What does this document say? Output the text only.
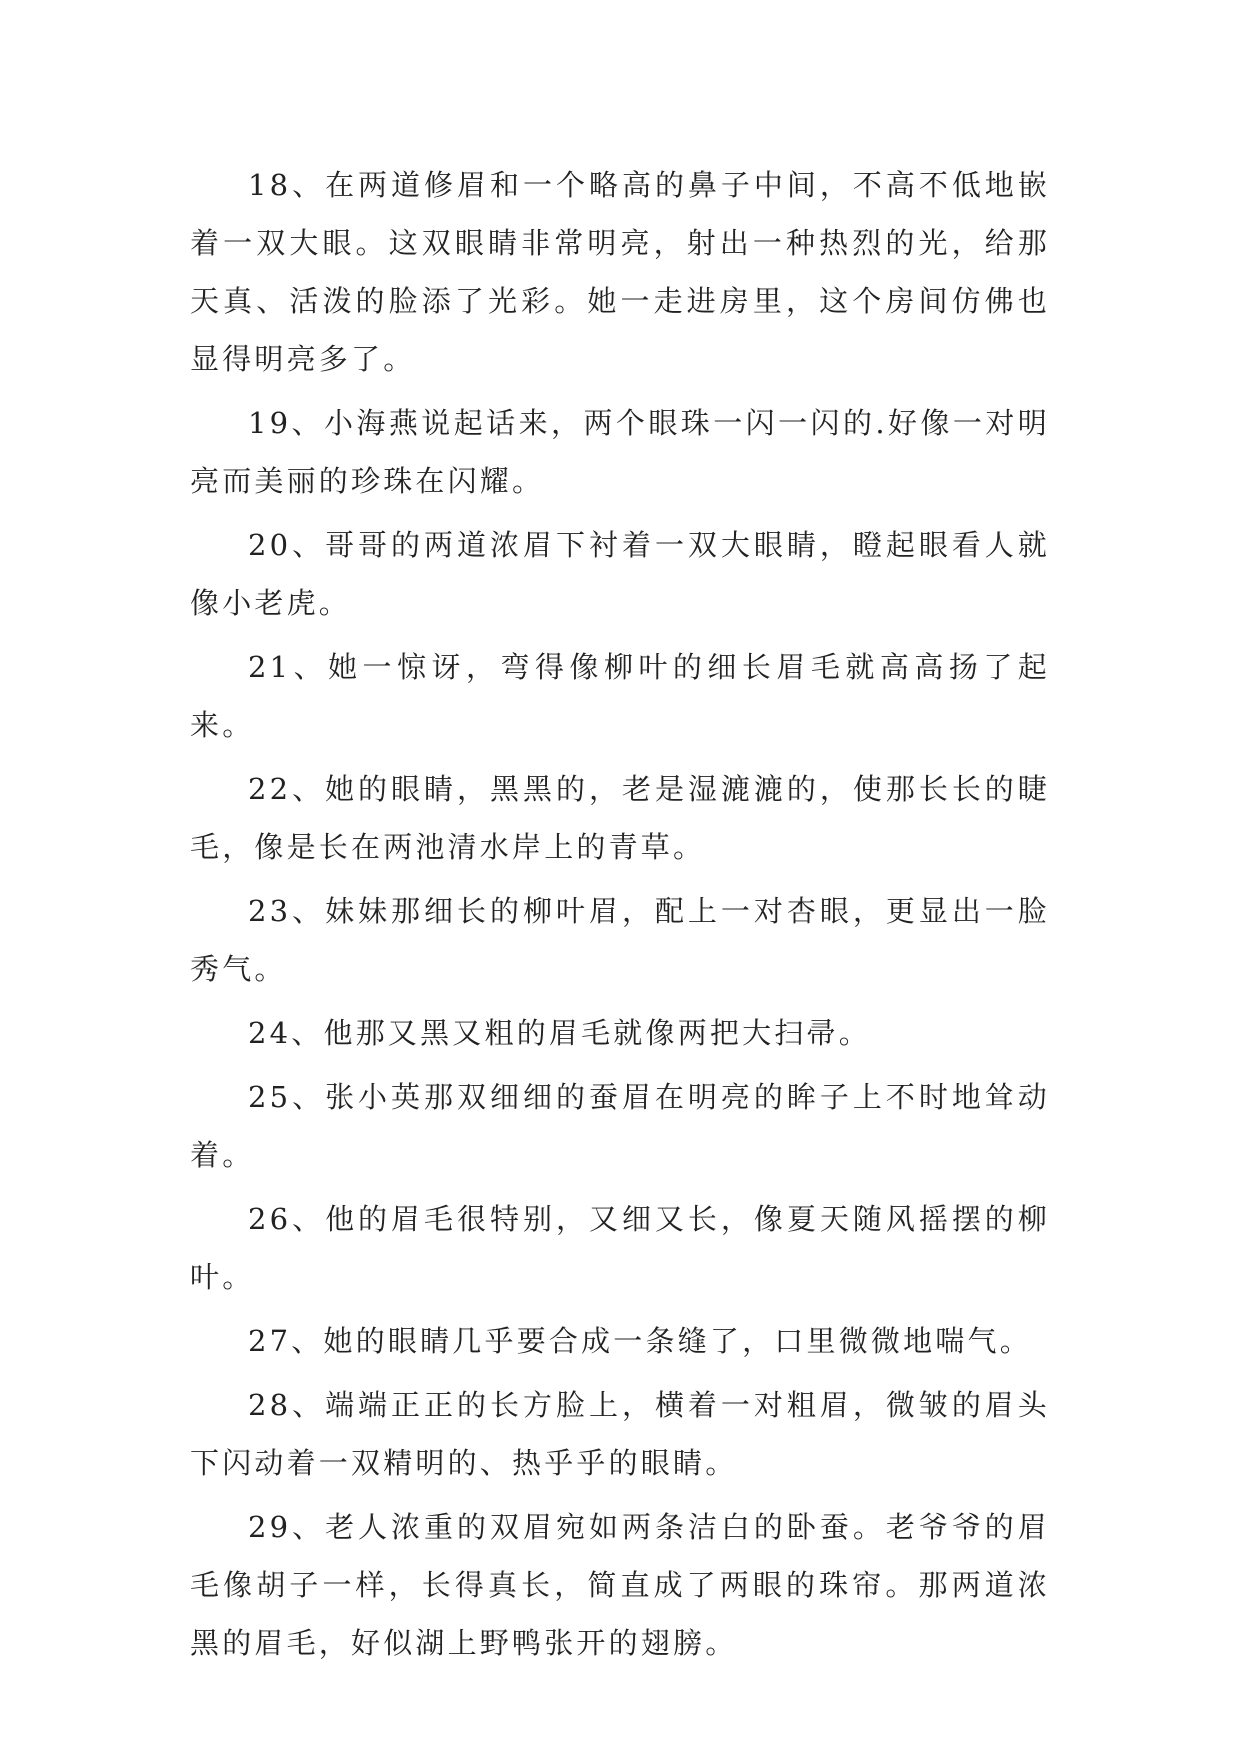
18、在两道修眉和一个略高的鼻子中间，不高不低地嵌着一双大眼。这双眼睛非常明亮，射出一种热烈的光，给那天真、活泼的脸添了光彩。她一走进房里，这个房间仿佛也显得明亮多了。

19、小海燕说起话来，两个眼珠一闪一闪的.好像一对明亮而美丽的珍珠在闪耀。

20、哥哥的两道浓眉下衬着一双大眼睛，瞪起眼看人就像小老虎。

21、她一惊讶，弯得像柳叶的细长眉毛就高高扬了起来。

22、她的眼睛，黑黑的，老是湿漉漉的，使那长长的睫毛，像是长在两池清水岸上的青草。

23、妹妹那细长的柳叶眉，配上一对杏眼，更显出一脸秀气。

24、他那又黑又粗的眉毛就像两把大扫帚。

25、张小英那双细细的蚕眉在明亮的眸子上不时地耸动着。

26、他的眉毛很特别，又细又长，像夏天随风摇摆的柳叶。

27、她的眼睛几乎要合成一条缝了，口里微微地喘气。

28、端端正正的长方脸上，横着一对粗眉，微皱的眉头下闪动着一双精明的、热乎乎的眼睛。

29、老人浓重的双眉宛如两条洁白的卧蚕。老爷爷的眉毛像胡子一样，长得真长，简直成了两眼的珠帘。那两道浓黑的眉毛，好似湖上野鸭张开的翅膀。
